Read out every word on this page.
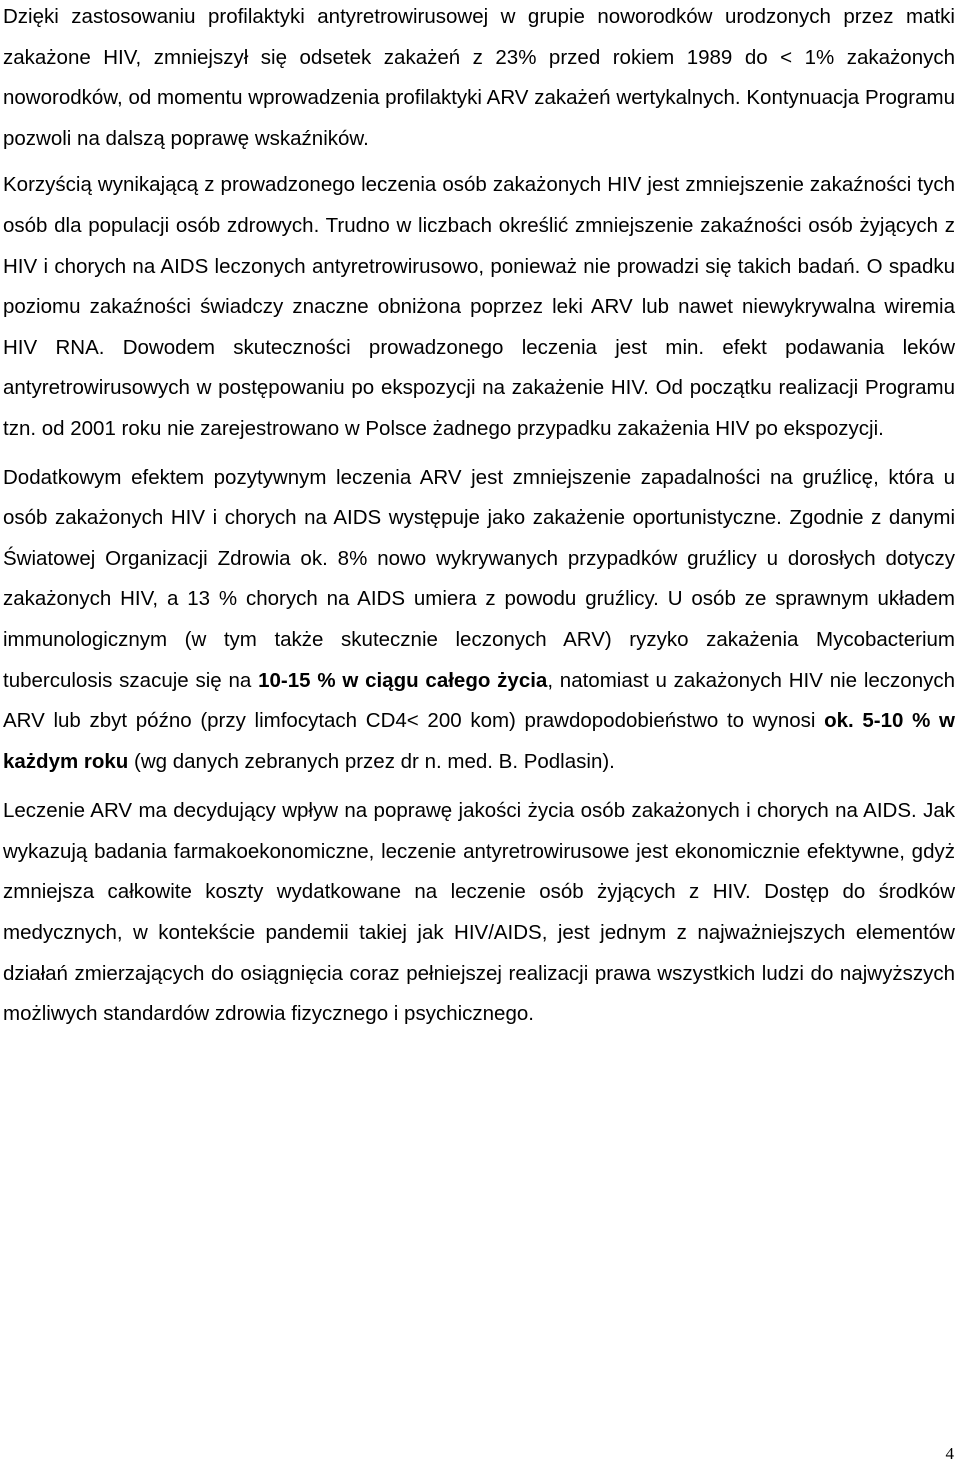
Dzięki zastosowaniu profilaktyki antyretrowirusowej w grupie noworodków urodzonych przez matki zakażone HIV, zmniejszył się odsetek zakażeń z 23% przed rokiem 1989 do < 1% zakażonych noworodków, od momentu wprowadzenia profilaktyki ARV zakażeń wertykalnych. Kontynuacja Programu pozwoli na dalszą poprawę wskaźników.

Korzyścią wynikającą z prowadzonego leczenia osób zakażonych HIV jest zmniejszenie zakaźności tych osób dla populacji osób zdrowych. Trudno w liczbach określić zmniejszenie zakaźności osób żyjących z HIV i chorych na AIDS leczonych antyretrowirusowo, ponieważ nie prowadzi się takich badań. O spadku poziomu zakaźności świadczy znaczne obniżona poprzez leki ARV lub nawet niewykrywalna wiremia HIV RNA. Dowodem skuteczności prowadzonego leczenia jest min. efekt podawania leków antyretrowirusowych w postępowaniu po ekspozycji na zakażenie HIV. Od początku realizacji Programu tzn. od 2001 roku nie zarejestrowano w Polsce żadnego przypadku zakażenia HIV po ekspozycji.

Dodatkowym efektem pozytywnym leczenia ARV jest zmniejszenie zapadalności na gruźlicę, która u osób zakażonych HIV i chorych na AIDS występuje jako zakażenie oportunistyczne. Zgodnie z danymi Światowej Organizacji Zdrowia ok. 8% nowo wykrywanych przypadków gruźlicy u dorosłych dotyczy zakażonych HIV, a 13 % chorych na AIDS umiera z powodu gruźlicy. U osób ze sprawnym układem immunologicznym (w tym także skutecznie leczonych ARV) ryzyko zakażenia Mycobacterium tuberculosis szacuje się na 10-15 % w ciągu całego życia, natomiast u zakażonych HIV nie leczonych ARV lub zbyt późno (przy limfocytach CD4< 200 kom) prawdopodobieństwo to wynosi ok. 5-10 % w każdym roku (wg danych zebranych przez dr n. med. B. Podlasin).

Leczenie ARV ma decydujący wpływ na poprawę jakości życia osób zakażonych i chorych na AIDS. Jak wykazują badania farmakoekonomiczne, leczenie antyretrowirusowe jest ekonomicznie efektywne, gdyż zmniejsza całkowite koszty wydatkowane na leczenie osób żyjących z HIV. Dostęp do środków medycznych, w kontekście pandemii takiej jak HIV/AIDS, jest jednym z najważniejszych elementów działań zmierzających do osiągnięcia coraz pełniejszej realizacji prawa wszystkich ludzi do najwyższych możliwych standardów zdrowia fizycznego i psychicznego.

4
